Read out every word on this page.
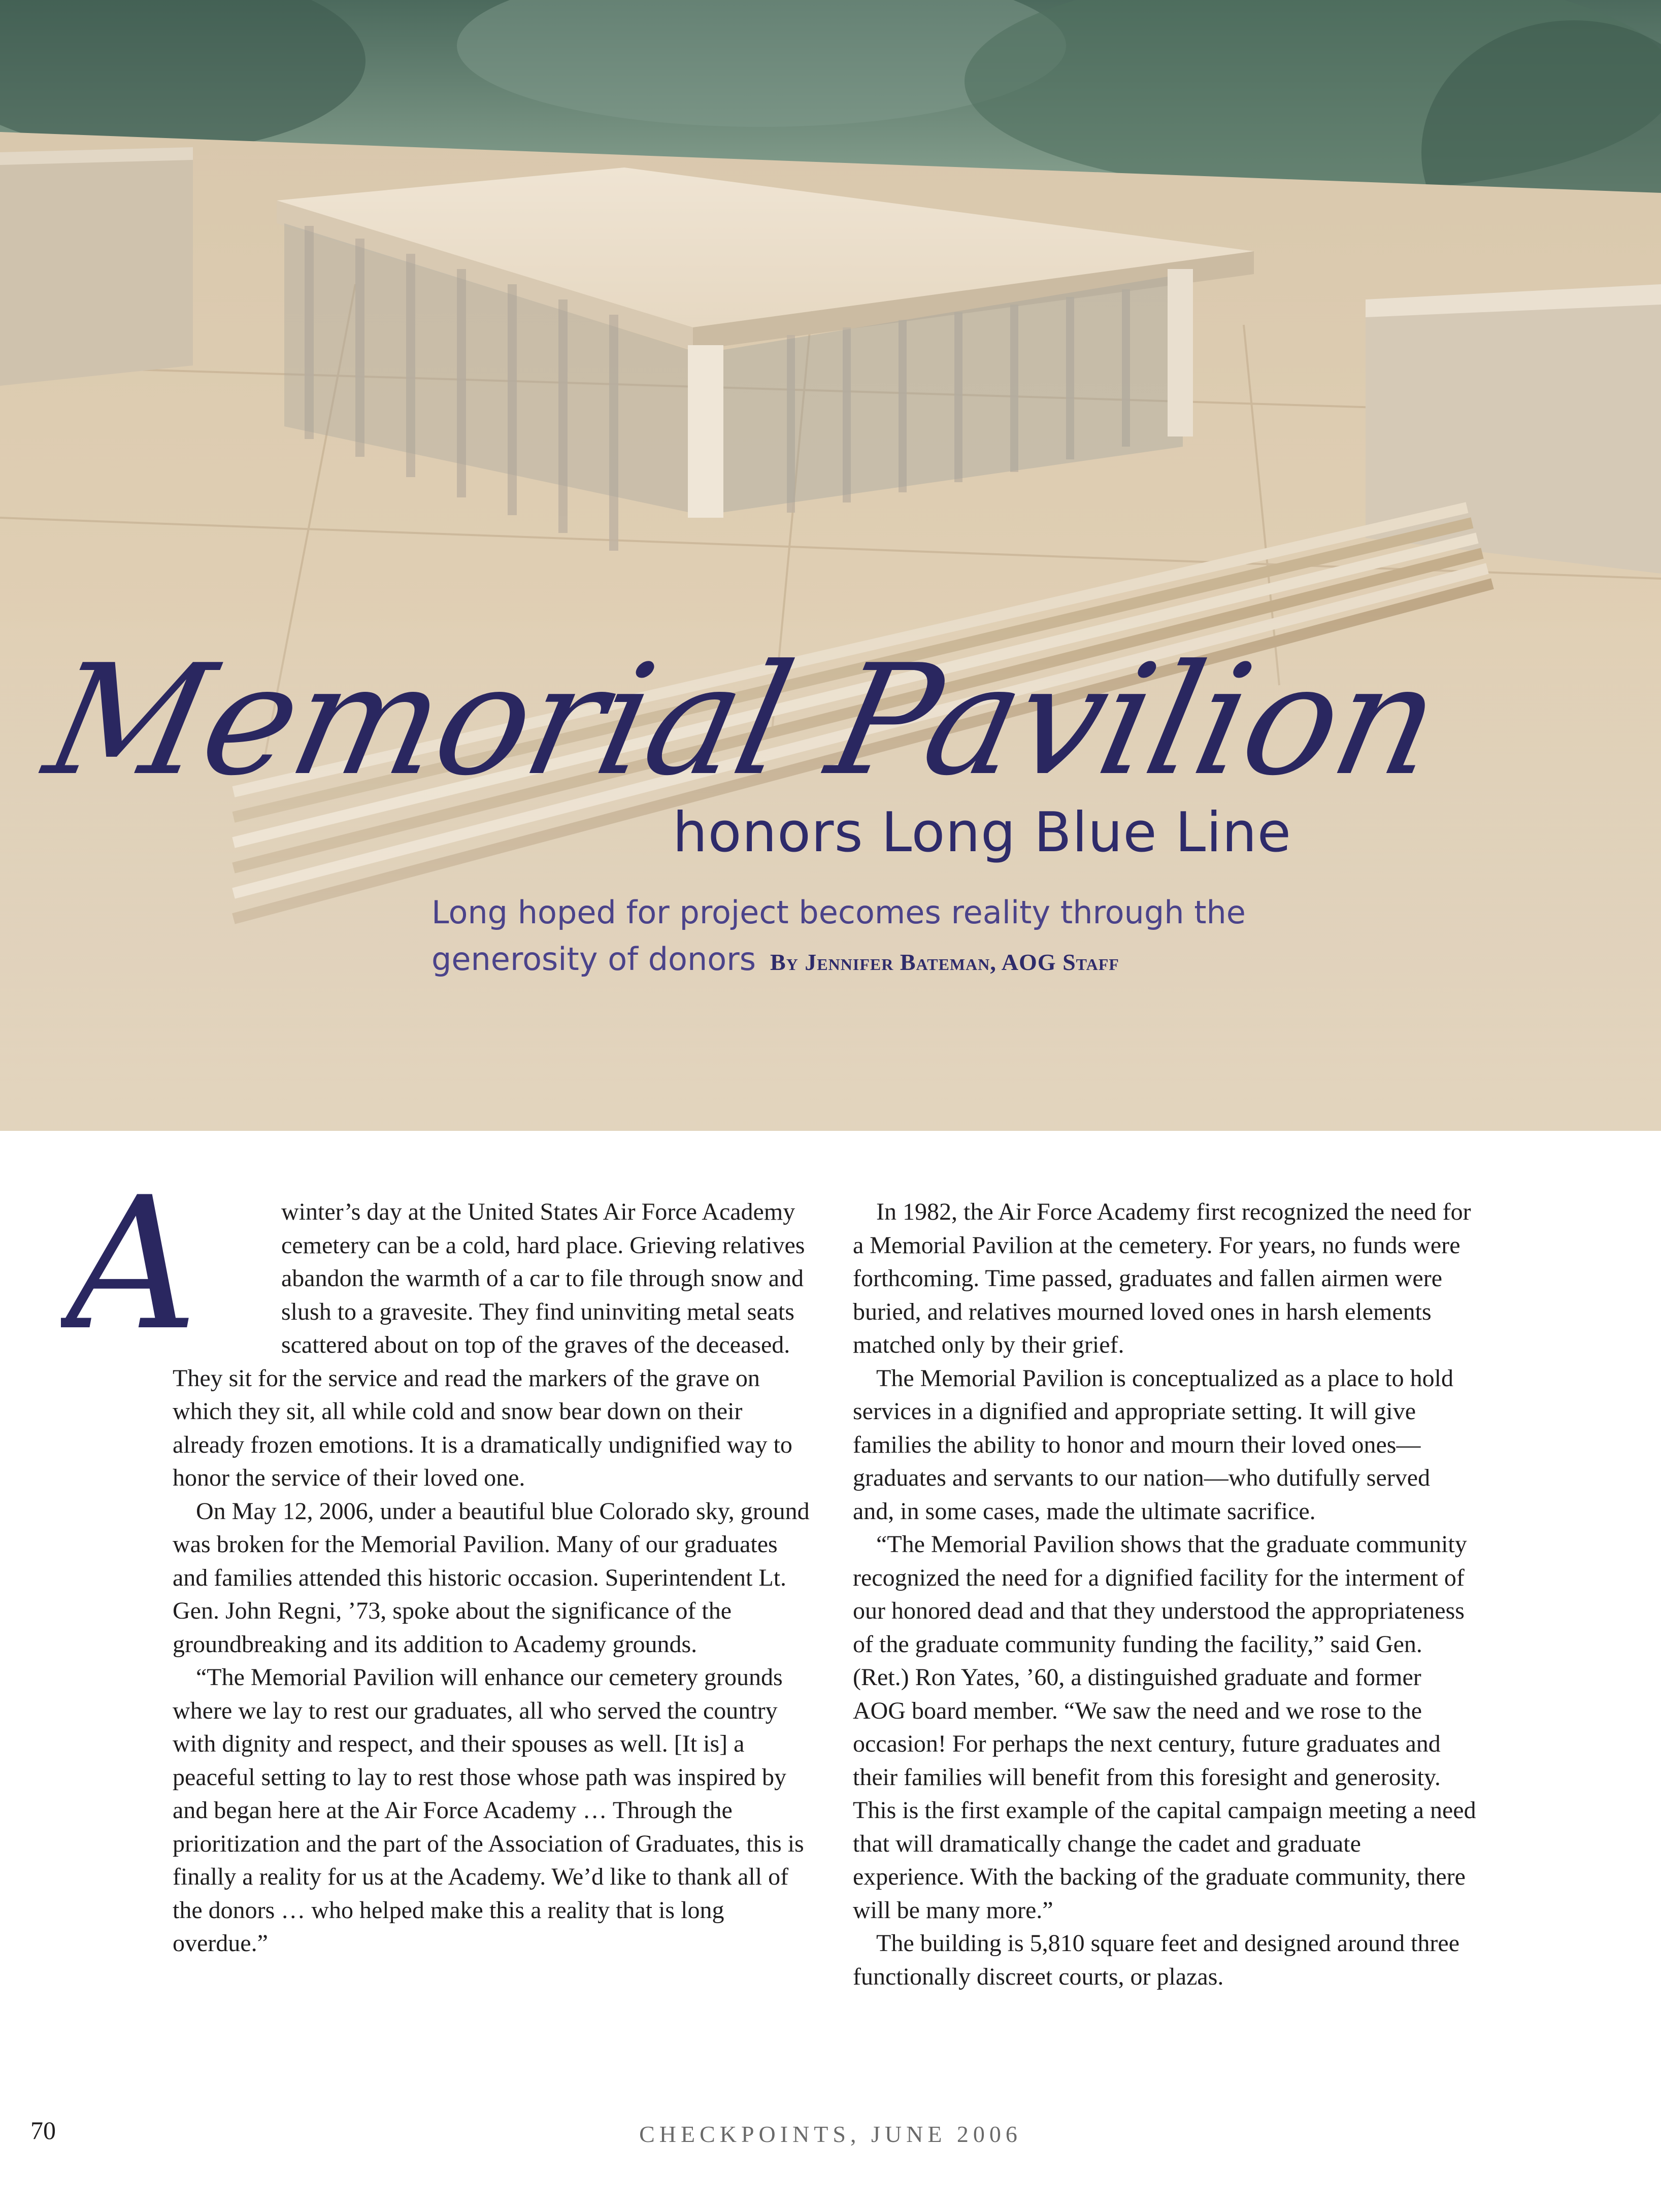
Memorial Pavilion
honors Long Blue Line
Long hoped for project becomes reality through the
generosity of donors By Jennifer Bateman, AOG Staff
A	winter’s day at the United States Air Force Academy cemetery can be a cold, hard place. Grieving relatives abandon the warmth of a car to file through snow and slush to a gravesite. They find uninviting metal seats scattered about on top of the graves of the deceased. They sit for the service and read the markers of the grave on which they sit, all while cold and snow bear down on their already frozen emotions. It is a dramatically undignified way to honor the service of their loved one.

On May 12, 2006, under a beautiful blue Colorado sky, ground was broken for the Memorial Pavilion. Many of our graduates and families attended this historic occasion. Superintendent Lt. Gen. John Regni, ’73, spoke about the significance of the groundbreaking and its addition to Academy grounds.

“The Memorial Pavilion will enhance our cemetery grounds where we lay to rest our graduates, all who served the country with dignity and respect, and their spouses as well. [It is] a peaceful setting to lay to rest those whose path was inspired by and began here at the Air Force Academy … Through the prioritization and the part of the Association of Graduates, this is finally a reality for us at the Academy. We’d like to thank all of the donors … who helped make this a reality that is long overdue.”

In 1982, the Air Force Academy first recognized the need for a Memorial Pavilion at the cemetery. For years, no funds were forthcoming. Time passed, graduates and fallen airmen were buried, and relatives mourned loved ones in harsh elements matched only by their grief.

The Memorial Pavilion is conceptualized as a place to hold services in a dignified and appropriate setting. It will give families the ability to honor and mourn their loved ones—graduates and servants to our nation—who dutifully served and, in some cases, made the ultimate sacrifice.

“The Memorial Pavilion shows that the graduate community recognized the need for a dignified facility for the interment of our honored dead and that they understood the appropriateness of the graduate community funding the facility,” said Gen. (Ret.) Ron Yates, ’60, a distinguished graduate and former AOG board member. “We saw the need and we rose to the occasion! For perhaps the next century, future graduates and their families will benefit from this foresight and generosity. This is the first example of the capital campaign meeting a need that will dramatically change the cadet and graduate experience. With the backing of the graduate community, there will be many more.”

The building is 5,810 square feet and designed around three functionally discreet courts, or plazas.

70	CHECKPOINTS, JUNE 2006
